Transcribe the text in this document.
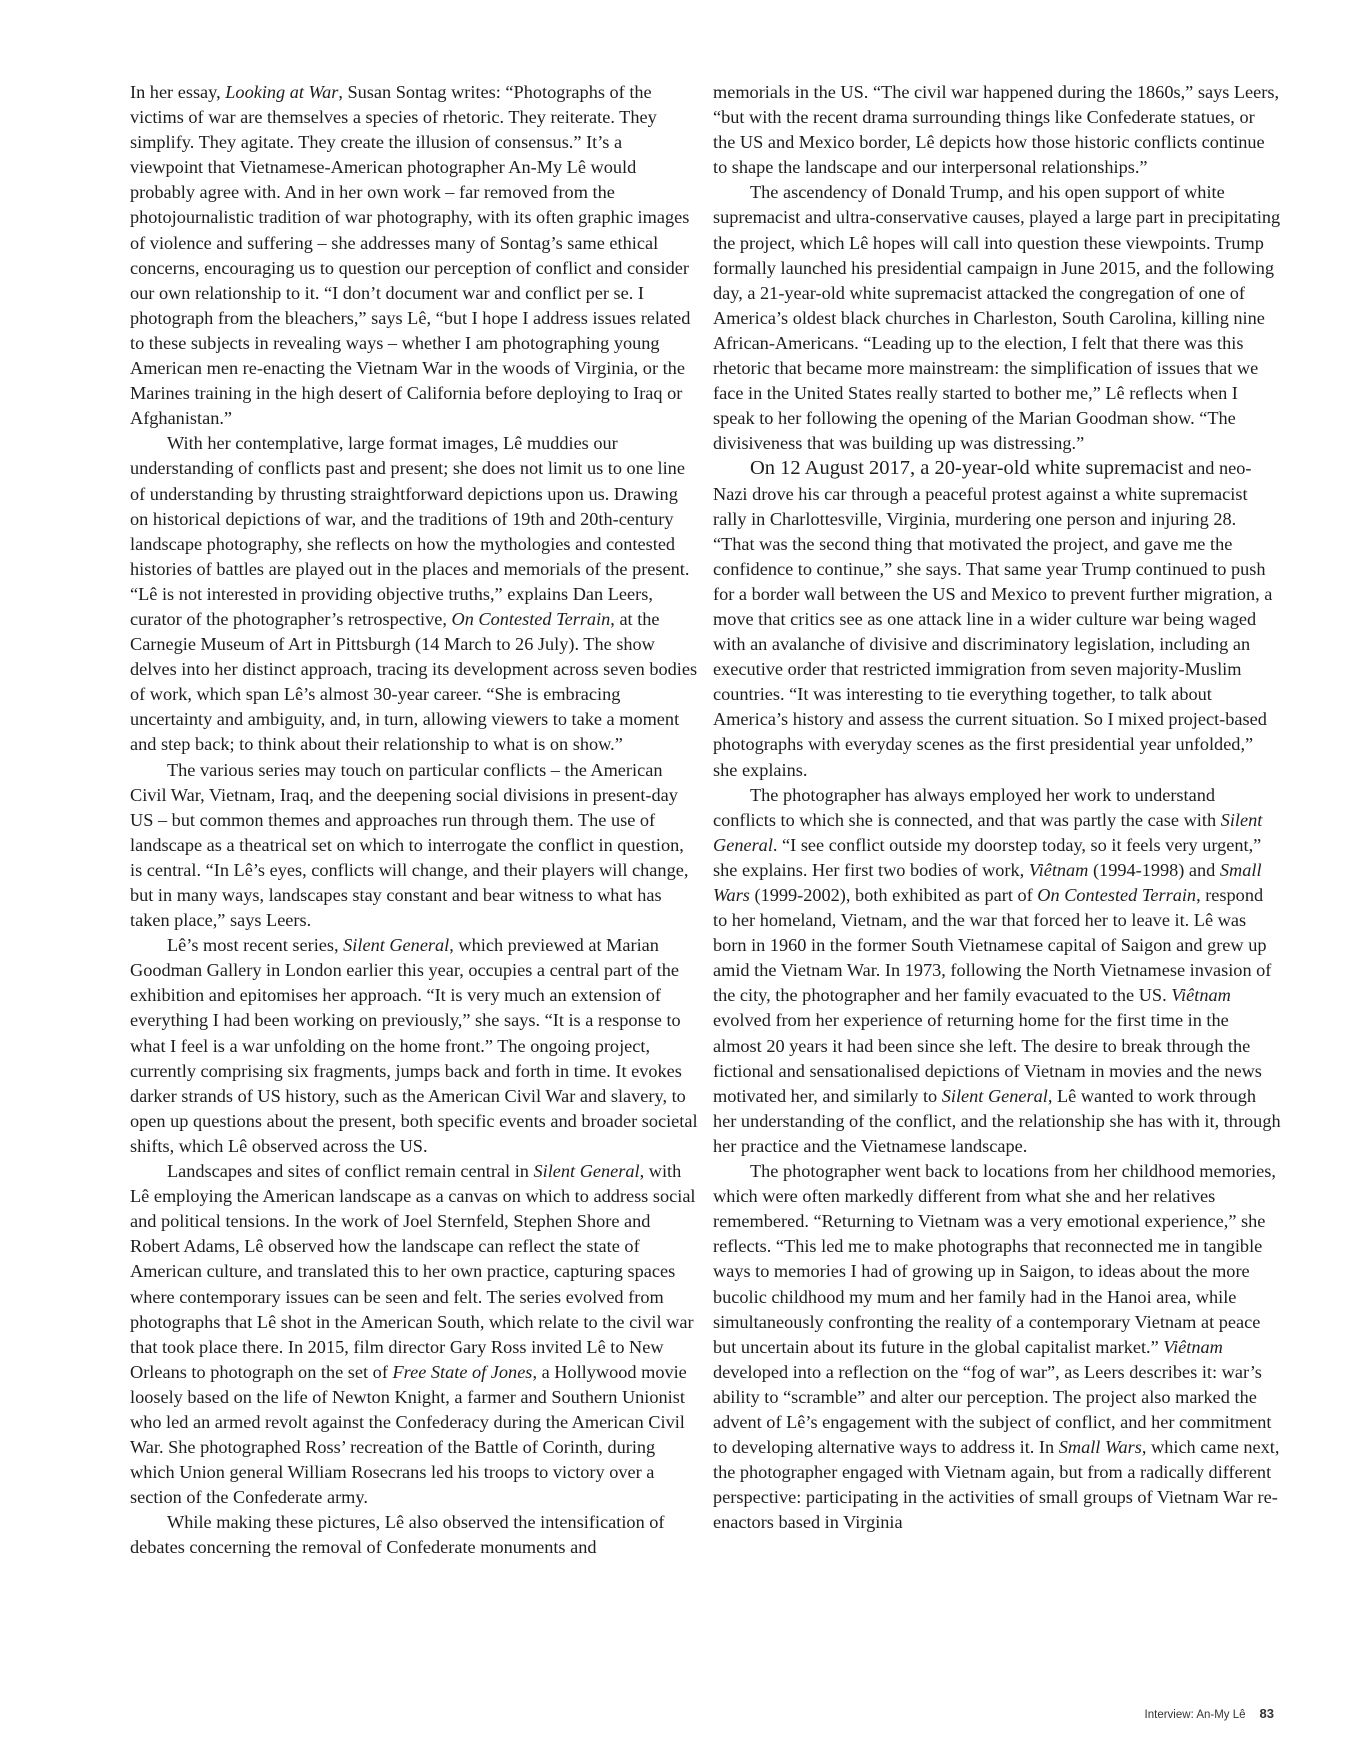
In her essay, Looking at War, Susan Sontag writes: “Photographs of the victims of war are themselves a species of rhetoric. They reiterate. They simplify. They agitate. They create the illusion of consensus.” It’s a viewpoint that Vietnamese-American photographer An-My Lê would probably agree with. And in her own work – far removed from the photojournalistic tradition of war photography, with its often graphic images of violence and suffering – she addresses many of Sontag’s same ethical concerns, encouraging us to question our perception of conflict and consider our own relationship to it. “I don’t document war and conflict per se. I photograph from the bleachers,” says Lê, “but I hope I address issues related to these subjects in revealing ways – whether I am photographing young American men re-enacting the Vietnam War in the woods of Virginia, or the Marines training in the high desert of California before deploying to Iraq or Afghanistan.”

With her contemplative, large format images, Lê muddies our understanding of conflicts past and present; she does not limit us to one line of understanding by thrusting straightforward depictions upon us. Drawing on historical depictions of war, and the traditions of 19th and 20th-century landscape photography, she reflects on how the mythologies and contested histories of battles are played out in the places and memorials of the present. “Lê is not interested in providing objective truths,” explains Dan Leers, curator of the photographer’s retrospective, On Contested Terrain, at the Carnegie Museum of Art in Pittsburgh (14 March to 26 July). The show delves into her distinct approach, tracing its development across seven bodies of work, which span Lê’s almost 30-year career. “She is embracing uncertainty and ambiguity, and, in turn, allowing viewers to take a moment and step back; to think about their relationship to what is on show.”

The various series may touch on particular conflicts – the American Civil War, Vietnam, Iraq, and the deepening social divisions in present-day US – but common themes and approaches run through them. The use of landscape as a theatrical set on which to interrogate the conflict in question, is central. “In Lê’s eyes, conflicts will change, and their players will change, but in many ways, landscapes stay constant and bear witness to what has taken place,” says Leers.

Lê’s most recent series, Silent General, which previewed at Marian Goodman Gallery in London earlier this year, occupies a central part of the exhibition and epitomises her approach. “It is very much an extension of everything I had been working on previously,” she says. “It is a response to what I feel is a war unfolding on the home front.” The ongoing project, currently comprising six fragments, jumps back and forth in time. It evokes darker strands of US history, such as the American Civil War and slavery, to open up questions about the present, both specific events and broader societal shifts, which Lê observed across the US.

Landscapes and sites of conflict remain central in Silent General, with Lê employing the American landscape as a canvas on which to address social and political tensions. In the work of Joel Sternfeld, Stephen Shore and Robert Adams, Lê observed how the landscape can reflect the state of American culture, and translated this to her own practice, capturing spaces where contemporary issues can be seen and felt. The series evolved from photographs that Lê shot in the American South, which relate to the civil war that took place there. In 2015, film director Gary Ross invited Lê to New Orleans to photograph on the set of Free State of Jones, a Hollywood movie loosely based on the life of Newton Knight, a farmer and Southern Unionist who led an armed revolt against the Confederacy during the American Civil War. She photographed Ross’ recreation of the Battle of Corinth, during which Union general William Rosecrans led his troops to victory over a section of the Confederate army.

While making these pictures, Lê also observed the intensification of debates concerning the removal of Confederate monuments and

memorials in the US. “The civil war happened during the 1860s,” says Leers, “but with the recent drama surrounding things like Confederate statues, or the US and Mexico border, Lê depicts how those historic conflicts continue to shape the landscape and our interpersonal relationships.”

The ascendency of Donald Trump, and his open support of white supremacist and ultra-conservative causes, played a large part in precipitating the project, which Lê hopes will call into question these viewpoints. Trump formally launched his presidential campaign in June 2015, and the following day, a 21-year-old white supremacist attacked the congregation of one of America’s oldest black churches in Charleston, South Carolina, killing nine African-Americans. “Leading up to the election, I felt that there was this rhetoric that became more mainstream: the simplification of issues that we face in the United States really started to bother me,” Lê reflects when I speak to her following the opening of the Marian Goodman show. “The divisiveness that was building up was distressing.”

On 12 August 2017, a 20-year-old white supremacist and neo-Nazi drove his car through a peaceful protest against a white supremacist rally in Charlottesville, Virginia, murdering one person and injuring 28. “That was the second thing that motivated the project, and gave me the confidence to continue,” she says. That same year Trump continued to push for a border wall between the US and Mexico to prevent further migration, a move that critics see as one attack line in a wider culture war being waged with an avalanche of divisive and discriminatory legislation, including an executive order that restricted immigration from seven majority-Muslim countries. “It was interesting to tie everything together, to talk about America’s history and assess the current situation. So I mixed project-based photographs with everyday scenes as the first presidential year unfolded,” she explains.

The photographer has always employed her work to understand conflicts to which she is connected, and that was partly the case with Silent General. “I see conflict outside my doorstep today, so it feels very urgent,” she explains. Her first two bodies of work, Viêtnam (1994-1998) and Small Wars (1999-2002), both exhibited as part of On Contested Terrain, respond to her homeland, Vietnam, and the war that forced her to leave it. Lê was born in 1960 in the former South Vietnamese capital of Saigon and grew up amid the Vietnam War. In 1973, following the North Vietnamese invasion of the city, the photographer and her family evacuated to the US. Viêtnam evolved from her experience of returning home for the first time in the almost 20 years it had been since she left. The desire to break through the fictional and sensationalised depictions of Vietnam in movies and the news motivated her, and similarly to Silent General, Lê wanted to work through her understanding of the conflict, and the relationship she has with it, through her practice and the Vietnamese landscape.

The photographer went back to locations from her childhood memories, which were often markedly different from what she and her relatives remembered. “Returning to Vietnam was a very emotional experience,” she reflects. “This led me to make photographs that reconnected me in tangible ways to memories I had of growing up in Saigon, to ideas about the more bucolic childhood my mum and her family had in the Hanoi area, while simultaneously confronting the reality of a contemporary Vietnam at peace but uncertain about its future in the global capitalist market.” Viêtnam developed into a reflection on the “fog of war”, as Leers describes it: war’s ability to “scramble” and alter our perception. The project also marked the advent of Lê’s engagement with the subject of conflict, and her commitment to developing alternative ways to address it. In Small Wars, which came next, the photographer engaged with Vietnam again, but from a radically different perspective: participating in the activities of small groups of Vietnam War re-enactors based in Virginia

Interview: An-My Lê 83
